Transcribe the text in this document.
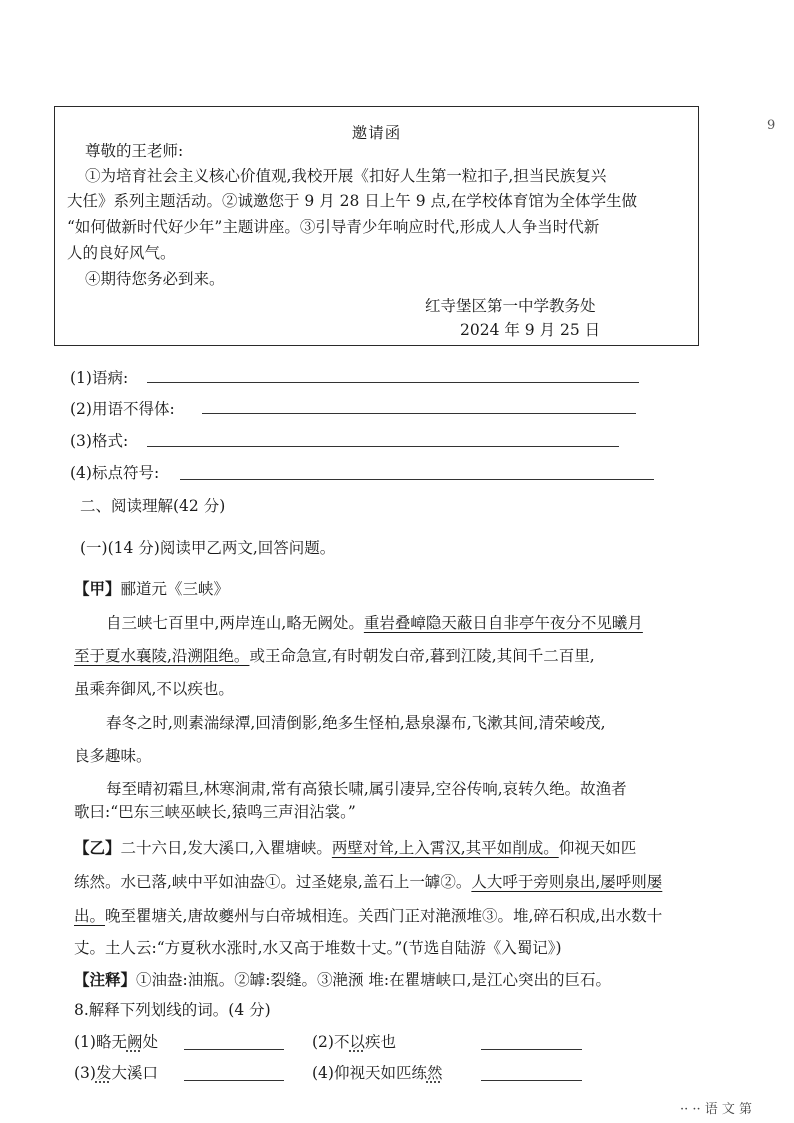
9
邀请函
尊敬的王老师:
①为培育社会主义核心价值观,我校开展《扣好人生第一粒扣子,担当民族复兴
大任》系列主题活动。②诚邀您于 9 月 28 日上午 9 点,在学校体育馆为全体学生做
“如何做新时代好少年”主题讲座。③引导青少年响应时代,形成人人争当时代新
人的良好风气。
④期待您务必到来。
红寺堡区第一中学教务处
2024 年 9 月 25 日
(1)语病:
(2)用语不得体:
(3)格式:
(4)标点符号:
二、阅读理解(42 分)
(一)(14 分)阅读甲乙两文,回答问题。
【甲】郦道元《三峡》
自三峡七百里中,两岸连山,略无阙处。重岩叠嶂隐天蔽日自非亭午夜分不见曦月
至于夏水襄陵,沿溯阻绝。或王命急宣,有时朝发白帝,暮到江陵,其间千二百里,
虽乘奔御风,不以疾也。
春冬之时,则素湍绿潭,回清倒影,绝多生怪柏,悬泉瀑布,飞漱其间,清荣峻茂,
良多趣味。
每至晴初霜旦,林寒涧肃,常有高猿长啸,属引凄异,空谷传响,哀转久绝。故渔者
歌曰:“巴东三峡巫峡长,猿鸣三声泪沾裳。”
【乙】二十六日,发大溪口,入瞿塘峡。两壁对耸,上入霄汉,其平如削成。仰视天如匹
练然。水已落,峡中平如油盎①。过圣姥泉,盖石上一罅②。人大呼于旁则泉出,屡呼则屡
出。晚至瞿塘关,唐故夔州与白帝城相连。关西门正对滟滪堆③。堆,碎石积成,出水数十
丈。土人云:“方夏秋水涨时,水又高于堆数十丈。”(节选自陆游《入蜀记》)
【注释】①油盎:油瓶。②罅:裂缝。③滟滪 堆:在瞿塘峡口,是江心突出的巨石。
8.解释下列划线的词。(4 分)
(1)略无阙处	(2)不以疾也
(3)发大溪口	(4)仰视天如匹练然
·· ·· 语 文 第
